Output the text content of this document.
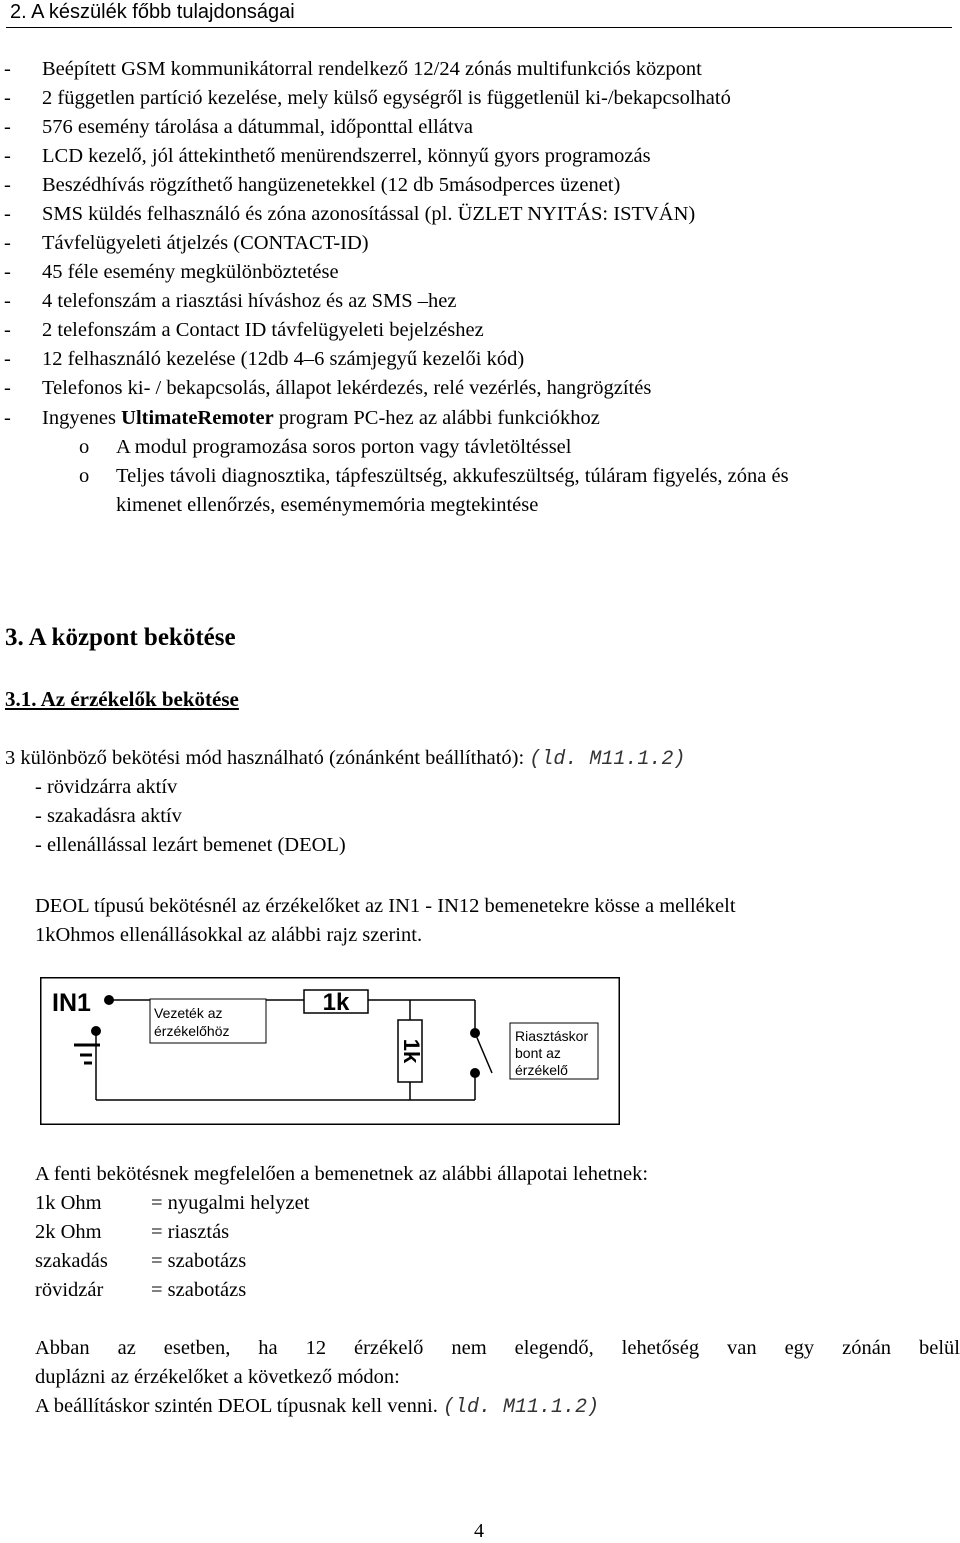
2. A készülék főbb tulajdonságai
- Beépített GSM kommunikátorral rendelkező 12/24 zónás multifunkciós központ
- 2 független partíció kezelése, mely külső egységről is függetlenül ki-/bekapcsolható
- 576 esemény tárolása a dátummal, időponttal ellátva
- LCD kezelő, jól áttekinthető menürendszerrel, könnyű gyors programozás
- Beszédhívás rögzíthető hangüzenetekkel (12 db 5másodperces üzenet)
- SMS küldés felhasználó és zóna azonosítással (pl. ÜZLET NYITÁS: ISTVÁN)
- Távfelügyeleti átjelzés (CONTACT-ID)
- 45 féle esemény megkülönböztetése
- 4 telefonszám a riasztási híváshoz és az SMS –hez
- 2 telefonszám a Contact ID távfelügyeleti bejelzéshez
- 12 felhasználó kezelése (12db 4–6 számjegyű kezelői kód)
- Telefonos ki- / bekapcsolás, állapot lekérdezés, relé vezérlés, hangrögzítés
- Ingyenes UltimateRemoter program PC-hez az alábbi funkciókhoz
o A modul programozása soros porton vagy távletöltéssel
o Teljes távoli diagnosztika, tápfeszültség, akkufeszültség, túláram figyelés, zóna és
kimenet ellenőrzés, eseménymemória megtekintése
3. A központ bekötése
3.1. Az érzékelők bekötése
3 különböző bekötési mód használható (zónánként beállítható): (ld. M11.1.2)
- rövidzárra aktív
- szakadásra aktív
- ellenállással lezárt bemenet (DEOL)
DEOL típusú bekötésnél az érzékelőket az IN1 - IN12 bemenetekre kösse a mellékelt
1kOhmos ellenállásokkal az alábbi rajz szerint.
IN1	1k
1k
Vezeték az
érzékelőhöz	Riasztáskor
bont az
érzékelő
A fenti bekötésnek megfelelően a bemenetnek az alábbi állapotai lehetnek:
1k Ohm = nyugalmi helyzet
2k Ohm = riasztás
szakadás = szabotázs
rövidzár = szabotázs
Abban az esetben, ha 12 érzékelő nem elegendő, lehetőség van egy zónán belül
duplázni az érzékelőket a következő módon:
A beállításkor szintén DEOL típusnak kell venni. (ld. M11.1.2)
4
